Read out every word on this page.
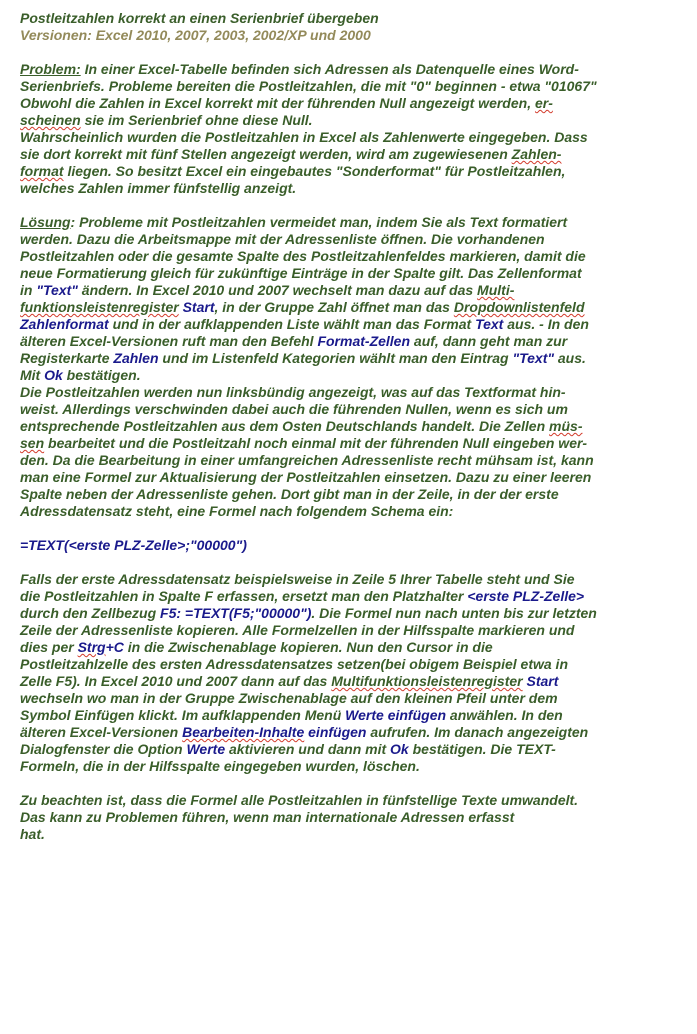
Postleitzahlen korrekt an einen Serienbrief übergeben
Versionen: Excel 2010, 2007, 2003, 2002/XP und 2000
Problem: In einer Excel-Tabelle befinden sich Adressen als Datenquelle eines Word-
Serienbriefs. Probleme bereiten die Postleitzahlen, die mit "0" beginnen - etwa "01067"
Obwohl die Zahlen in Excel korrekt mit der führenden Null angezeigt werden, er-
scheinen sie im Serienbrief ohne diese Null.
Wahrscheinlich wurden die Postleitzahlen in Excel als Zahlenwerte eingegeben. Dass
sie dort korrekt mit fünf Stellen angezeigt werden, wird am zugewiesenen Zahlen-
format liegen. So besitzt Excel ein eingebautes "Sonderformat" für Postleitzahlen,
welches Zahlen immer fünfstellig anzeigt.
Lösung: Probleme mit Postleitzahlen vermeidet man, indem Sie als Text formatiert
werden. Dazu die Arbeitsmappe mit der Adressenliste öffnen. Die vorhandenen
Postleitzahlen oder die gesamte Spalte des Postleitzahlenfeldes markieren, damit die
neue Formatierung gleich für zukünftige Einträge in der Spalte gilt. Das Zellenformat
in "Text" ändern. In Excel 2010 und 2007 wechselt man dazu auf das Multi-
funktionsleistenregister Start, in der Gruppe Zahl öffnet man das Dropdownlistenfeld
Zahlenformat und in der aufklappenden Liste wählt man das Format Text aus. - In den
älteren Excel-Versionen ruft man den Befehl Format-Zellen auf, dann geht man zur
Registerkarte Zahlen und im Listenfeld Kategorien wählt man den Eintrag "Text" aus.
Mit Ok bestätigen.
Die Postleitzahlen werden nun linksbündig angezeigt, was auf das Textformat hin-
weist. Allerdings verschwinden dabei auch die führenden Nullen, wenn es sich um
entsprechende Postleitzahlen aus dem Osten Deutschlands handelt. Die Zellen müs-
sen bearbeitet und die Postleitzahl noch einmal mit der führenden Null eingeben wer-
den. Da die Bearbeitung in einer umfangreichen Adressenliste recht mühsam ist, kann
man eine Formel zur Aktualisierung der Postleitzahlen einsetzen. Dazu zu einer leeren
Spalte neben der Adressenliste gehen. Dort gibt man in der Zeile, in der der erste
Adressdatensatz steht, eine Formel nach folgendem Schema ein:
=TEXT(<erste PLZ-Zelle>;"00000")
Falls der erste Adressdatensatz beispielsweise in Zeile 5 Ihrer Tabelle steht und Sie
die Postleitzahlen in Spalte F erfassen, ersetzt man den Platzhalter <erste PLZ-Zelle>
durch den Zellbezug F5: =TEXT(F5;"00000"). Die Formel nun nach unten bis zur letzten
Zeile der Adressenliste kopieren. Alle Formelzellen in der Hilfsspalte markieren und
dies per Strg+C in die Zwischenablage kopieren. Nun den Cursor in die
Postleitzahlzelle des ersten Adressdatensatzes setzen(bei obigem Beispiel etwa in
Zelle F5). In Excel 2010 und 2007 dann auf das Multifunktionsleistenregister Start
wechseln wo man in der Gruppe Zwischenablage auf den kleinen Pfeil unter dem
Symbol Einfügen klickt. Im aufklappenden Menü Werte einfügen anwählen. In den
älteren Excel-Versionen Bearbeiten-Inhalte einfügen aufrufen. Im danach angezeigten
Dialogfenster die Option Werte aktivieren und dann mit Ok bestätigen. Die TEXT-
Formeln, die in der Hilfsspalte eingegeben wurden, löschen.
Zu beachten ist, dass die Formel alle Postleitzahlen in fünfstellige Texte umwandelt.
Das kann zu Problemen führen, wenn man internationale Adressen erfasst
hat.
